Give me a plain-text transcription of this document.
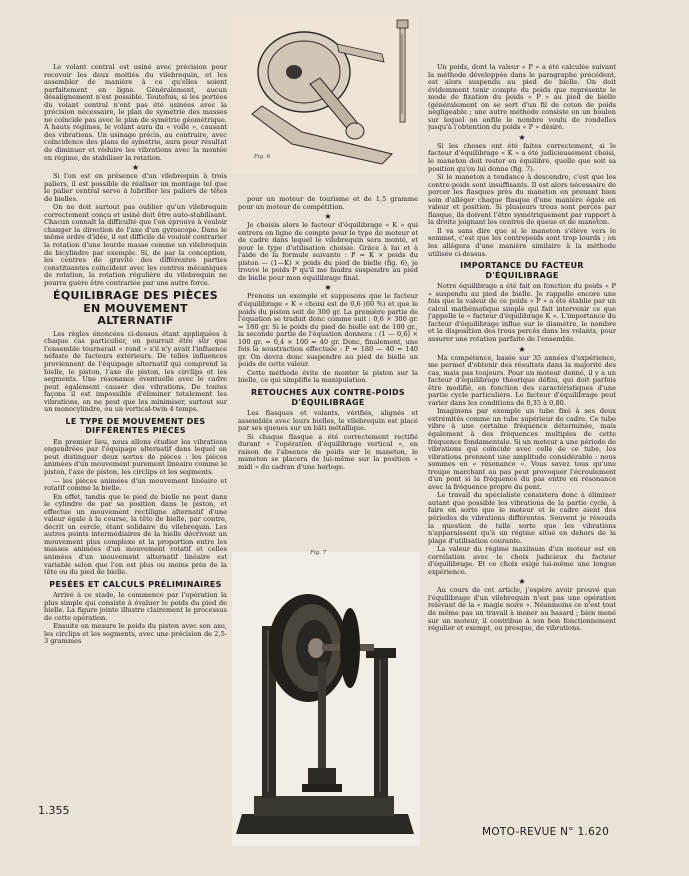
Fig. 6
Fig. 7

Le volant central est usiné avec précision pour recevoir les deux moitiés du vilebrequin, et les assembler de manière à ce qu'elles soient parfaitement en ligne. Généralement, aucun désalignement n'est possible. Toutefois, si les portées du volant central n'ont pas été usinées avec la précision nécessaire, le plan de symétrie des masses ne coïncide pas avec le plan de symétrie géométrique. A hauts régimes, le volant aura du « voile », causant des vibrations. Un usinage précis, au contraire, avec coïncidence des plans de symétrie, aura pour résultat de diminuer et réduire les vibrations avec la montée en régime, de stabiliser la rotation.

★

Si l'on est en présence d'un vilebrequin à trois paliers, il est possible de réaliser un montage tel que le palier central serve à lubrifier les paliers de têtes de bielles.

On ne doit surtout pas oublier qu'un vilebrequin correctement conçu et usiné doit être auto-stabilisant. Chacun connaît la difficulté que l'on éprouve à vouloir changer la direction de l'axe d'un gyroscope. Dans le même ordre d'idée, il est difficile de vouloir contrarier la rotation d'une lourde masse comme un vilebrequin de bicylindre par exemple. Si, de par la conception, les centres de gravité des différentes parties constituantes coïncident avec les centres mécaniques de rotation, la rotation régulière du vilebrequin ne pourra guère être contrariée par une autre force.

ÉQUILIBRAGE DES PIÈCES EN MOUVEMENT ALTERNATIF

Les règles énoncées ci-dessus étant appliquées à chaque cas particulier, on pourrait être sûr que l'ensemble tournerait « rond » s'il n'y avait l'influence néfaste de facteurs extérieurs. De telles influences proviennent de l'équipage alternatif qui comprend la bielle, le piston, l'axe de piston, les circlips et les segments. Une résonance éventuelle avec le cadre peut également causer des vibrations. De toutes façons il est impossible d'éliminer totalement les vibrations, on ne peut que les minimiser, surtout sur un monocylindre, ou un vertical-twin 4 temps.

LE TYPE DE MOUVEMENT DES DIFFÉRENTES PIÈCES

En premier lieu, nous allons étudier les vibrations engendrées par l'équipage alternatif dans lequel on peut distinguer deux sortes de pièces : les pièces animées d'un mouvement purement linéaire comme le piston, l'axe de piston, les circlips et les segments.

— les pièces animées d'un mouvement linéaire et rotatif comme la bielle.

En effet, tandis que le pied de bielle ne peut dans le cylindre de par sa position dans le piston, et effectue un mouvement rectiligne alternatif d'une valeur égale à la course, la tête de bielle, par contre, décrit un cercle, étant solidaire du vilebrequin. Les autres points intermédiaires de la bielle décrivent un mouvement plus complexe et la proportion entre les masses animées d'un mouvement rotatif et celles animées d'un mouvement alternatif linéaire est variable selon que l'on est plus ou moins près de la tête ou du pied de bielle.

PESÉES ET CALCULS PRÉLIMINAIRES

Arrivé à ce stade, le commence par l'opération la plus simple qui consiste à évaluer le poids du pied de bielle. La figure jointe illustre clairement le processus de cette opération.

Ensuite on mesure le poids du piston avec son axe, les circlips et les segments, avec une précision de 2,5-3 grammes

pour un moteur de tourisme et de 1,5 gramme pour un moteur de compétition.

★

Je choisis alors le facteur d'équilibrage « K » qui entrera en ligne de compte pour le type de moteur et de cadre dans lequel le vilebrequin sera monté, et pour le type d'utilisation choisie. Grâce à lui et à l'aide de la formule suivante : P = K × poids du piston — (1—K) × poids du pied de bielle (fig. 6), je trouve le poids P qu'il me faudra suspendre au pied de bielle pour mon équilibrage final.

★

Prenons un exemple et supposons que le facteur d'équilibrage « K » choisi est de 0,6 (60 %) et que le poids du piston soit de 300 gr. La première partie de l'équation se traduit donc comme suit : 0,6 × 300 gr. = 180 gr. Si le poids du pied de bielle est de 100 gr., la seconde partie de l'équation donnera : (1 — 0,6) × 100 gr. = 0,4 × 100 = 40 gr. Donc, finalement, une fois la soustraction effectuée : P = 180 — 40 = 140 gr. On devra donc suspendre au pied de bielle un poids de cette valeur.

Cette méthode évite de monter le piston sur la bielle, ce qui simplifie la manipulation.

RETOUCHES AUX CONTRE-POIDS D'ÉQUILIBRAGE

Les flasques et volants, vérifiés, alignés et assemblés avec leurs bielles, le vilebrequin est placé par ses queues sur un bâti métallique.

Si chaque flasque a été correctement rectifié durant « l'opération d'équilibrage vertical », en raison de l'absence de poids sur le maneton, le maneton se placera de lui-même sur la position « midi » du cadran d'une horloge.

Un poids, dont la valeur « P » a été calculée suivant la méthode développée dans le paragraphe précédent, est alors suspendu au pied de bielle. On doit évidemment tenir compte du poids que représente le mode de fixation du poids « P » au pied de bielle (généralement on se sert d'un fil de coton de poids négligeable ; une autre méthode consiste en un boulon sur lequel on enfile le nombre voulu de rondelles jusqu'à l'obtention du poids « P » désiré.

★

Si les choses ont été faites correctement, si le facteur d'équilibrage « K » a été judicieusement choisi, le maneton doit rester en équilibre, quelle que soit sa position qu'on lui donne (fig. 7).

Si le maneton a tendance à descendre, c'est que les contre-poids sont insuffisants. Il est alors nécessaire de percer les flasques près du maneton en prenant bien soin d'alléger chaque flasque d'une manière égale en valeur et position. Si plusieurs trous sont percés par flasque, ils doivent l'être symétriquement par rapport à la droite joignant les centres de queue et de maneton.

Il va sans dire que si le maneton s'élève vers le sommet, c'est que les contrepoids sont trop lourds ; on les allègera d'une manière similaire à la méthode utilisée ci-dessus.

IMPORTANCE DU FACTEUR D'ÉQUILIBRAGE

Notre équilibrage a été fait en fonction du poids « P » suspendu au pied de bielle. Je rappelle encore une fois que la valeur de ce poids « P » a été établie par un calcul mathématique simple qui fait intervenir ce que j'appelle le « facteur d'équilibrage K ». L'importance du facteur d'équilibrage influe sur le diamètre, le nombre et la disposition des trous percés dans les volants, pour assurer une rotation parfaite de l'ensemble.

★

Ma compétence, basée sur 35 années d'expérience, me permet d'obtenir des résultats dans la majorité des cas, mais pas toujours. Pour un moteur donné, il y a un facteur d'équilibrage théorique défini, qui doit parfois être modifié, en fonction des caractéristiques d'une partie cycle particulière. Le facteur d'équilibrage peut varier dans les conditions de 0,35 à 0,80.

Imaginons par exemple un tube fixé à ses deux extrémités comme un tube supérieur de cadre. Ce tube vibre à une certaine fréquence déterminée, mais également à des fréquences multiples de cette fréquence fondamentale. Si un moteur a une période de vibrations qui coïncide avec celle de ce tube, les vibrations prennent une amplitude considérable : nous sommes en « résonance ». Vous savez tous qu'une troupe marchant au pas peut provoquer l'écroulement d'un pont si la fréquence du pas entre en résonance avec la fréquence propre du pont.

Le travail du spécialiste consistera donc à éliminer autant que possible les vibrations de la partie cycle, à faire en sorte que le moteur et le cadre aient des périodes de vibrations différentes. Souvent je résouds la question de telle sorte que les vibrations n'apparaissent qu'à un régime situé en dehors de la plage d'utilisation courante.

La valeur du régime maximum d'un moteur est en corrélation avec le choix judicieux du facteur d'équilibrage. Et ce choix exige lui-même une longue expérience.

★

Au cours de cet article, j'espère avoir prouvé que l'équilibrage d'un vilebrequin n'est pas une opération relevant de la « magie noire ». Néanmoins ce n'est tout de même pas un travail à mener au hasard ; bien mené sur un moteur, il contribue à son bon fonctionnement régulier et exempt, ou presque, de vibrations.

1.355
MOTO-REVUE N° 1.620
